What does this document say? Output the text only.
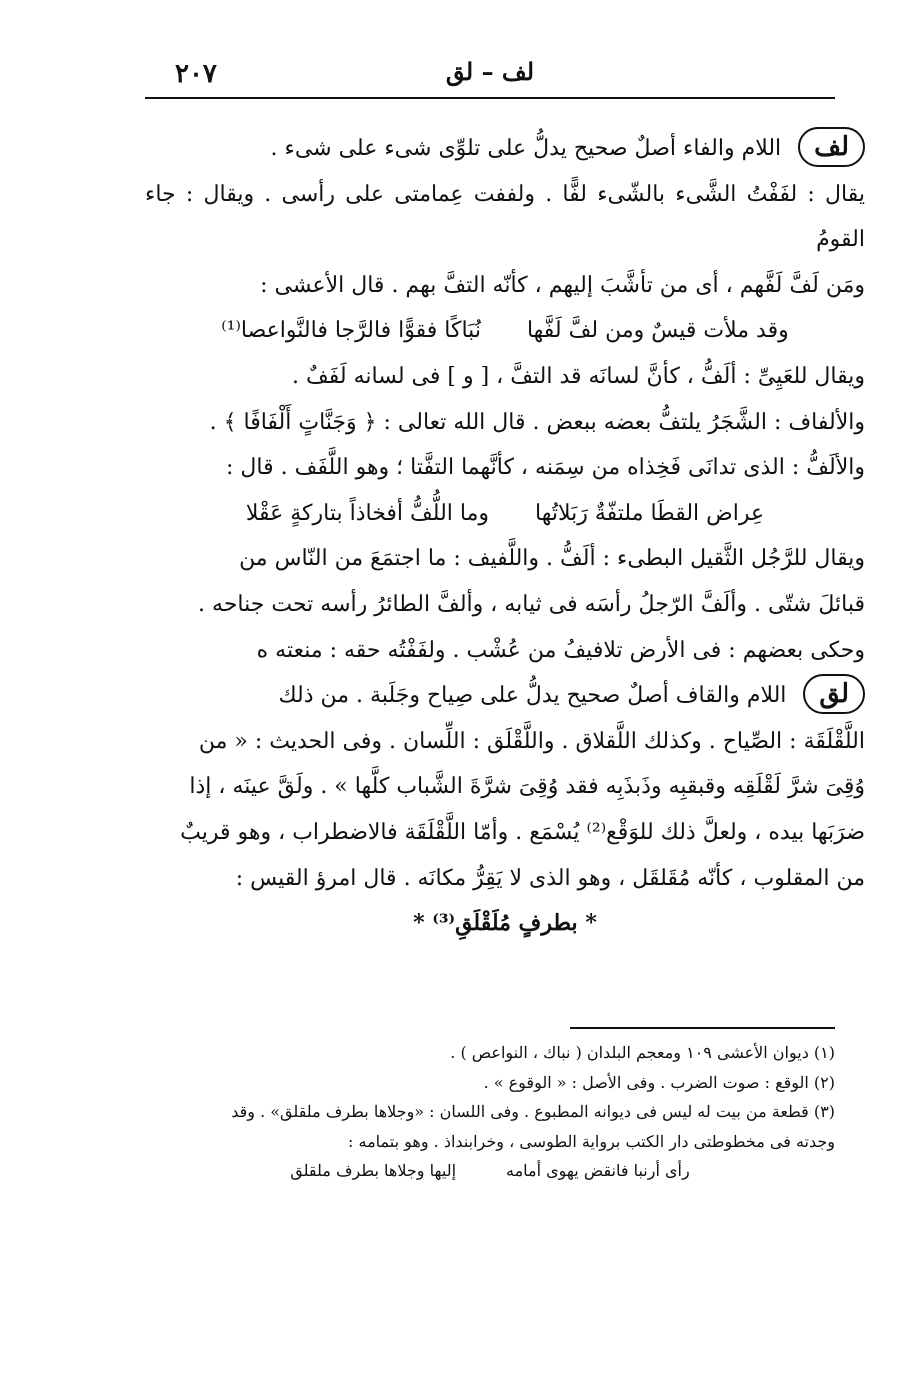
٢٠٧	لف – لق

لف اللام والفاء أصلٌ صحيح يدلُّ على تلوِّى شىء على شىء .

يقال : لفَفْتُ الشَّىء بالشّىء لفًّا . ولففت عِمامتى على رأسى . ويقال : جاء القومُ

ومَن لَفَّ لَفَّهم ، أى من تأشَّبَ إليهم ، كأنّه التفَّ بهم . قال الأعشى :

وقد ملأت قيسٌ ومن لفَّ لَفَّها
نُبَاكًا فقوًّا فالرَّجا فالنَّواعصا⁽¹⁾

ويقال للعَيِىِّ : ألَفُّ ، كأنَّ لسانَه قد التفَّ ، [ و ] فى لسانه لَفَفٌ .

والألفاف : الشَّجَرُ يلتفُّ بعضه ببعض . قال الله تعالى : ﴿ وَجَنَّاتٍ أَلْفَافًا ﴾ .

والألَفُّ : الذى تدانَى فَخِذاه من سِمَنه ، كأنَّهما التفَّتا ؛ وهو اللَّفَف . قال :

عِراض القطَا ملتفّةٌ رَبَلاتُها
وما اللُّفُّ أفخاذاً بتاركةٍ عَقْلا

ويقال للرَّجُل الثَّقيل البطىء : ألَفُّ . واللَّفيف : ما اجتمَعَ من النّاس من

قبائلَ شتّى . وألَفَّ الرّجلُ رأسَه فى ثيابه ، وألفَّ الطائرُ رأسه تحت جناحه .

وحكى بعضهم : فى الأرض تلافيفُ من عُشْب . ولفَفْتُه حقه : منعته ه

لق اللام والقاف أصلٌ صحيح يدلُّ على صِياح وجَلَبة . من ذلك

اللَّقْلَقَة : الصِّياح . وكذلك اللَّقلاق . واللَّقْلَق : اللِّسان . وفى الحديث : « من

وُقِىَ شرَّ لَقْلَقِه وقبقبِه وذَبذَبِه فقد وُقِىَ شرَّةَ الشَّباب كلَّها » . ولَقَّ عينَه ، إذا

ضرَبَها بيده ، ولعلَّ ذلك للوَقْع⁽²⁾ يُسْمَع . وأمّا اللَّقْلَقَة فالاضطراب ، وهو قريبٌ

من المقلوب ، كأنّه مُقَلقَل ، وهو الذى لا يَقِرُّ مكانَه . قال امرؤ القيس :

* بطرفٍ مُلَقْلَقِ⁽³⁾ *

(١) ديوان الأعشى ١٠٩ ومعجم البلدان ( نباك ، النواعص ) .

(٢) الوقع : صوت الضرب . وفى الأصل : « الوقوع » .

(٣) قطعة من بيت له ليس فى ديوانه المطبوع . وفى اللسان : «وجلاها بطرف ملقلق» . وقد

وجدته فى مخطوطتى دار الكتب برواية الطوسى ، وخرابنداذ . وهو بتمامه :

رأى أرنبا فانقض يهوى أمامه
إليها وجلاها بطرف ملقلق
